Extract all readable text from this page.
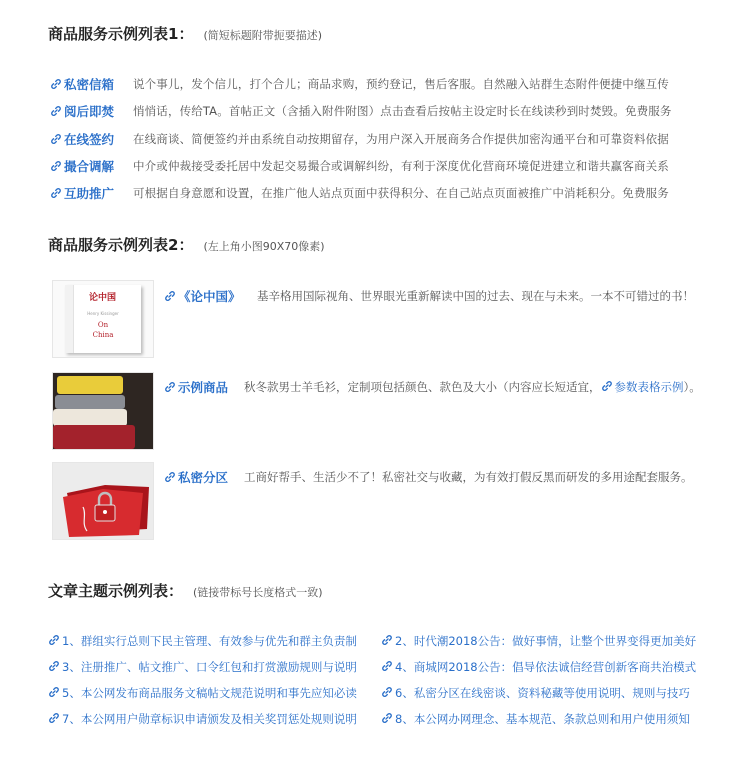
商品服务示例列表1： (简短标题附带扼要描述)
私密信箱
阅后即焚
在线签约
撮合调解
互助推广
说个事儿，发个信儿，打个合儿；商品求购，预约登记，售后客服。自然融入站群生态附件便捷中继互传
悄悄话，传给TA。首帖正文（含插入附件附图）点击查看后按帖主设定时长在线读秒到时焚毁。免费服务
在线商谈、简便签约并由系统自动按期留存，为用户深入开展商务合作提供加密沟通平台和可靠资料依据
中介或仲裁接受委托居中发起交易撮合或调解纠纷，有利于深度优化营商环境促进建立和谐共赢客商关系
可根据自身意愿和设置，在推广他人站点页面中获得积分、在自己站点页面被推广中消耗积分。免费服务
商品服务示例列表2： (左上角小图90X70像素)
论中国
Henry Kissinger
On
China
《论中国》 基辛格用国际视角、世界眼光重新解读中国的过去、现在与未来。一本不可错过的书！
示例商品 秋冬款男士羊毛衫，定制项包括颜色、款色及大小（内容应长短适宜， 参数表格示例）。
私密分区 工商好帮手、生活少不了！私密社交与收藏，为有效打假反黑而研发的多用途配套服务。
文章主题示例列表： (链接带标号长度格式一致)
1、群组实行总则下民主管理、有效参与优先和群主负责制
3、注册推广、帖文推广、口令红包和打赏激励规则与说明
5、本公网发布商品服务文稿帖文规范说明和事先应知必读
7、本公网用户勋章标识申请颁发及相关奖罚惩处规则说明
2、时代潮2018公告：做好事情，让整个世界变得更加美好
4、商城网2018公告：倡导依法诚信经营创新客商共治模式
6、私密分区在线密谈、资料秘藏等使用说明、规则与技巧
8、本公网办网理念、基本规范、条款总则和用户使用须知
